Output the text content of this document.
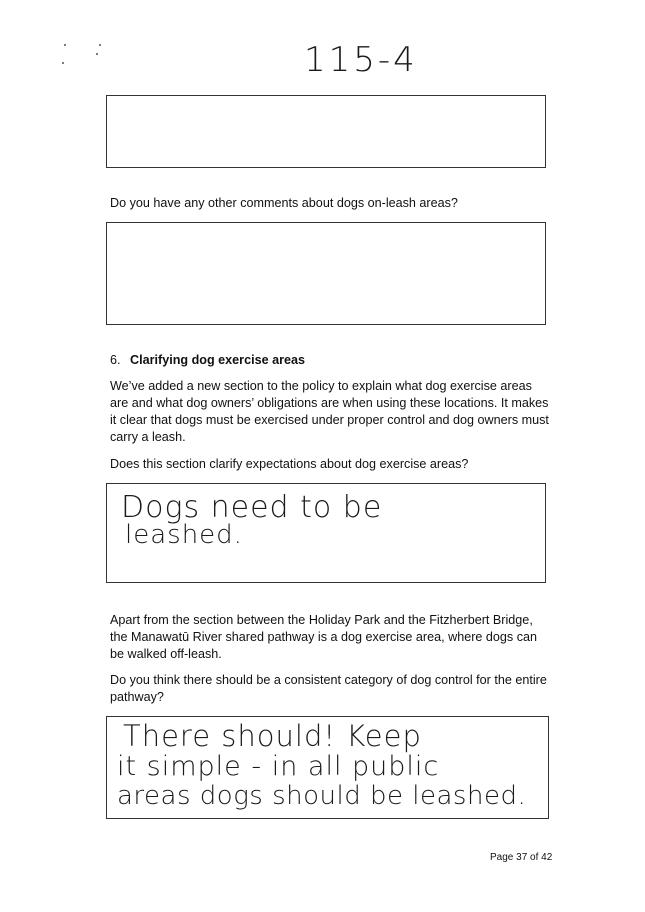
115-4
Do you have any other comments about dogs on-leash areas?
6. Clarifying dog exercise areas
We’ve added a new section to the policy to explain what dog exercise areas are and what dog owners’ obligations are when using these locations. It makes it clear that dogs must be exercised under proper control and dog owners must carry a leash.
Does this section clarify expectations about dog exercise areas?
Dogs need to be
leashed.
Apart from the section between the Holiday Park and the Fitzherbert Bridge, the Manawatū River shared pathway is a dog exercise area, where dogs can be walked off-leash.
Do you think there should be a consistent category of dog control for the entire pathway?
There should! Keep
it simple - in all public
areas dogs should be leashed.
Page 37 of 42
